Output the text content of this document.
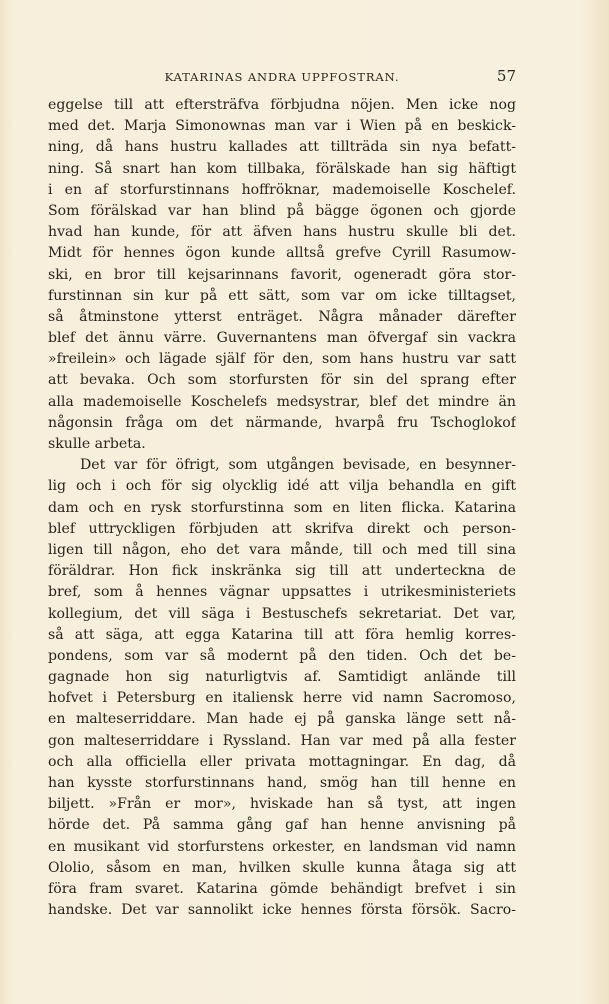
KATARINAS ANDRA UPPFOSTRAN.	57
eggelse till att eftersträfva förbjudna nöjen. Men icke nog
med det. Marja Simonownas man var i Wien på en beskick-
ning, då hans hustru kallades att tillträda sin nya befatt-
ning. Så snart han kom tillbaka, förälskade han sig häftigt
i en af storfurstinnans hoffröknar, mademoiselle Koschelef.
Som förälskad var han blind på bägge ögonen och gjorde
hvad han kunde, för att äfven hans hustru skulle bli det.
Midt för hennes ögon kunde alltså grefve Cyrill Rasumow-
ski, en bror till kejsarinnans favorit, ogeneradt göra stor-
furstinnan sin kur på ett sätt, som var om icke tilltagset,
så åtminstone ytterst enträget. Några månader därefter
blef det ännu värre. Guvernantens man öfvergaf sin vackra
»freilein» och lägade själf för den, som hans hustru var satt
att bevaka. Och som storfursten för sin del sprang efter
alla mademoiselle Koschelefs medsystrar, blef det mindre än
någonsin fråga om det närmande, hvarpå fru Tschoglokof
skulle arbeta.
Det var för öfrigt, som utgången bevisade, en besynner-
lig och i och för sig olycklig idé att vilja behandla en gift
dam och en rysk storfurstinna som en liten flicka. Katarina
blef uttryckligen förbjuden att skrifva direkt och person-
ligen till någon, eho det vara månde, till och med till sina
föräldrar. Hon fick inskränka sig till att underteckna de
bref, som å hennes vägnar uppsattes i utrikesministeriets
kollegium, det vill säga i Bestuschefs sekretariat. Det var,
så att säga, att egga Katarina till att föra hemlig korres-
pondens, som var så modernt på den tiden. Och det be-
gagnade hon sig naturligtvis af. Samtidigt anlände till
hofvet i Petersburg en italiensk herre vid namn Sacromoso,
en malteserriddare. Man hade ej på ganska länge sett nå-
gon malteserriddare i Ryssland. Han var med på alla fester
och alla officiella eller privata mottagningar. En dag, då
han kysste storfurstinnans hand, smög han till henne en
biljett. »Från er mor», hviskade han så tyst, att ingen
hörde det. På samma gång gaf han henne anvisning på
en musikant vid storfurstens orkester, en landsman vid namn
Ololio, såsom en man, hvilken skulle kunna åtaga sig att
föra fram svaret. Katarina gömde behändigt brefvet i sin
handske. Det var sannolikt icke hennes första försök. Sacro-
